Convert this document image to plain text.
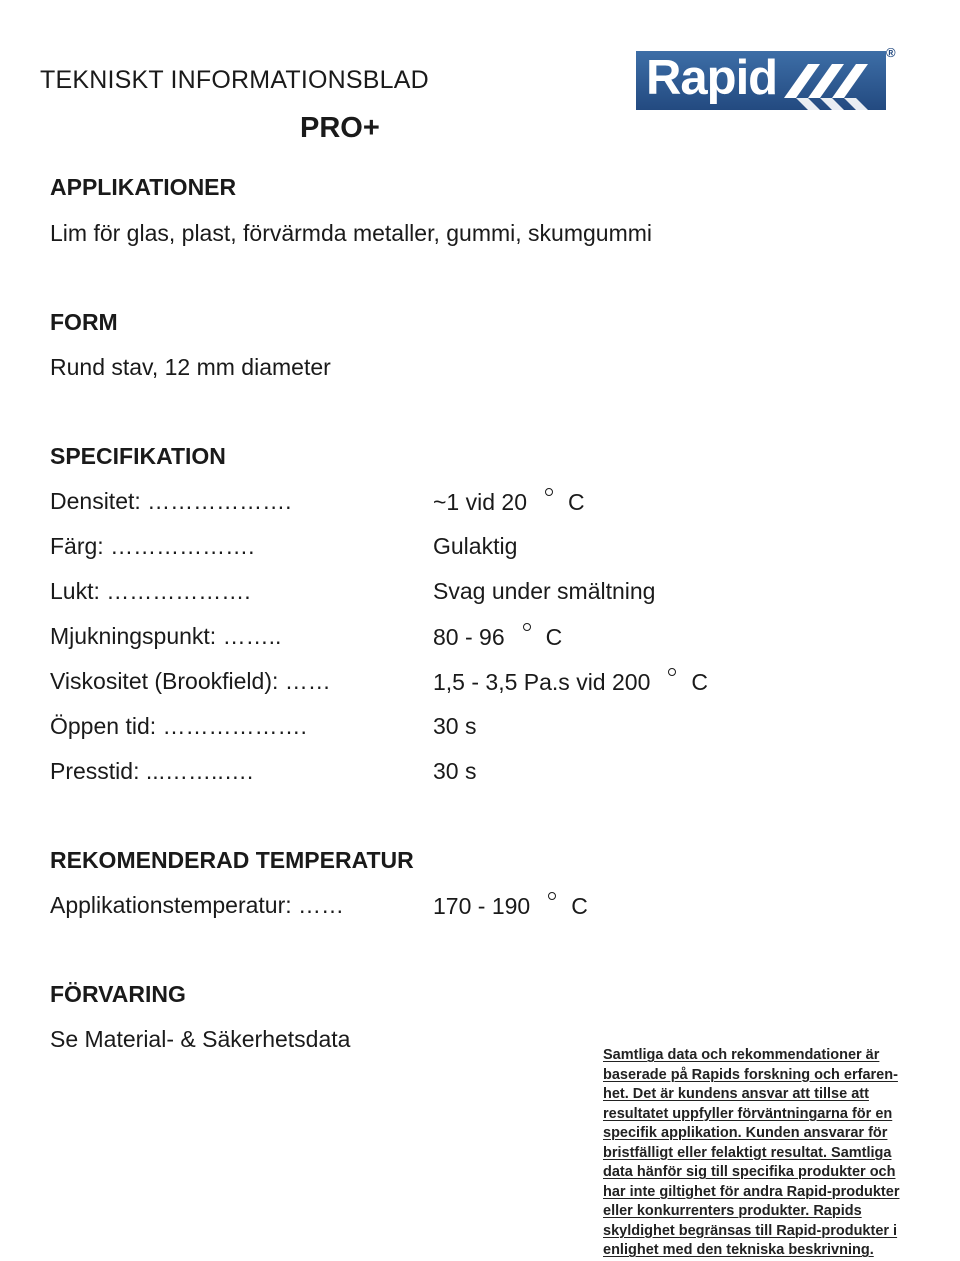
TEKNISKT INFORMATIONSBLAD
PRO+
Rapid	®
APPLIKATIONER
Lim för glas, plast, förvärmda metaller, gummi, skumgummi
FORM
Rund stav, 12 mm diameter
SPECIFIKATION
Densitet: ……………….	~1 vid 20 C
Färg: ……………….	Gulaktig
Lukt: ……………….	Svag under smältning
Mjukningspunkt: ……..	80 - 96 C
Viskositet (Brookfield): ……	1,5 - 3,5 Pa.s vid 200 C
Öppen tid: ……………….	30 s
Presstid: ...……..….	30 s
REKOMENDERAD TEMPERATUR
Applikationstemperatur: ……	170 - 190 C
FÖRVARING
Se Material- & Säkerhetsdata
Samtliga data och rekommendationer är
baserade på Rapids forskning och erfaren-
het. Det är kundens ansvar att tillse att
resultatet uppfyller förväntningarna för en
specifik applikation. Kunden ansvarar för
bristfälligt eller felaktigt resultat. Samtliga
data hänför sig till specifika produkter och
har inte giltighet för andra Rapid-produkter
eller konkurrenters produkter. Rapids
skyldighet begränsas till Rapid-produkter i
enlighet med den tekniska beskrivning.
